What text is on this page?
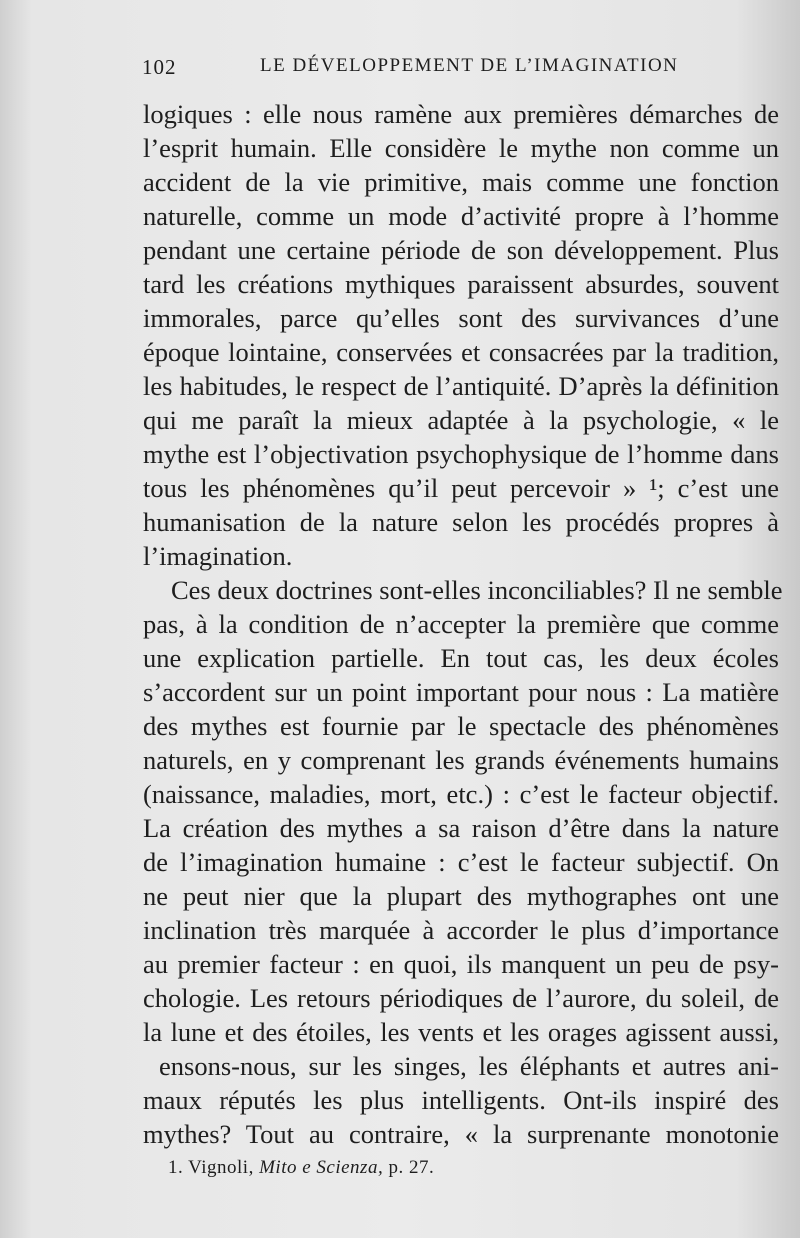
102	LE DÉVELOPPEMENT DE L’IMAGINATION
logiques : elle nous ramène aux premières démarches de
l’esprit humain. Elle considère le mythe non comme un
accident de la vie primitive, mais comme une fonction
naturelle, comme un mode d’activité propre à l’homme
pendant une certaine période de son développement. Plus
tard les créations mythiques paraissent absurdes, souvent
immorales, parce qu’elles sont des survivances d’une
époque lointaine, conservées et consacrées par la tradition,
les habitudes, le respect de l’antiquité. D’après la définition
qui me paraît la mieux adaptée à la psychologie, « le
mythe est l’objectivation psychophysique de l’homme dans
tous les phénomènes qu’il peut percevoir » ¹; c’est une
humanisation de la nature selon les procédés propres à
l’imagination.
Ces deux doctrines sont-elles inconciliables? Il ne semble
pas, à la condition de n’accepter la première que comme
une explication partielle. En tout cas, les deux écoles
s’accordent sur un point important pour nous : La matière
des mythes est fournie par le spectacle des phénomènes
naturels, en y comprenant les grands événements humains
(naissance, maladies, mort, etc.) : c’est le facteur objectif.
La création des mythes a sa raison d’être dans la nature
de l’imagination humaine : c’est le facteur subjectif. On
ne peut nier que la plupart des mythographes ont une
inclination très marquée à accorder le plus d’importance
au premier facteur : en quoi, ils manquent un peu de psy-
chologie. Les retours périodiques de l’aurore, du soleil, de
la lune et des étoiles, les vents et les orages agissent aussi,
ensons-nous, sur les singes, les éléphants et autres ani-
maux réputés les plus intelligents. Ont-ils inspiré des
mythes? Tout au contraire, « la surprenante monotonie
1. Vignoli, Mito e Scienza, p. 27.
